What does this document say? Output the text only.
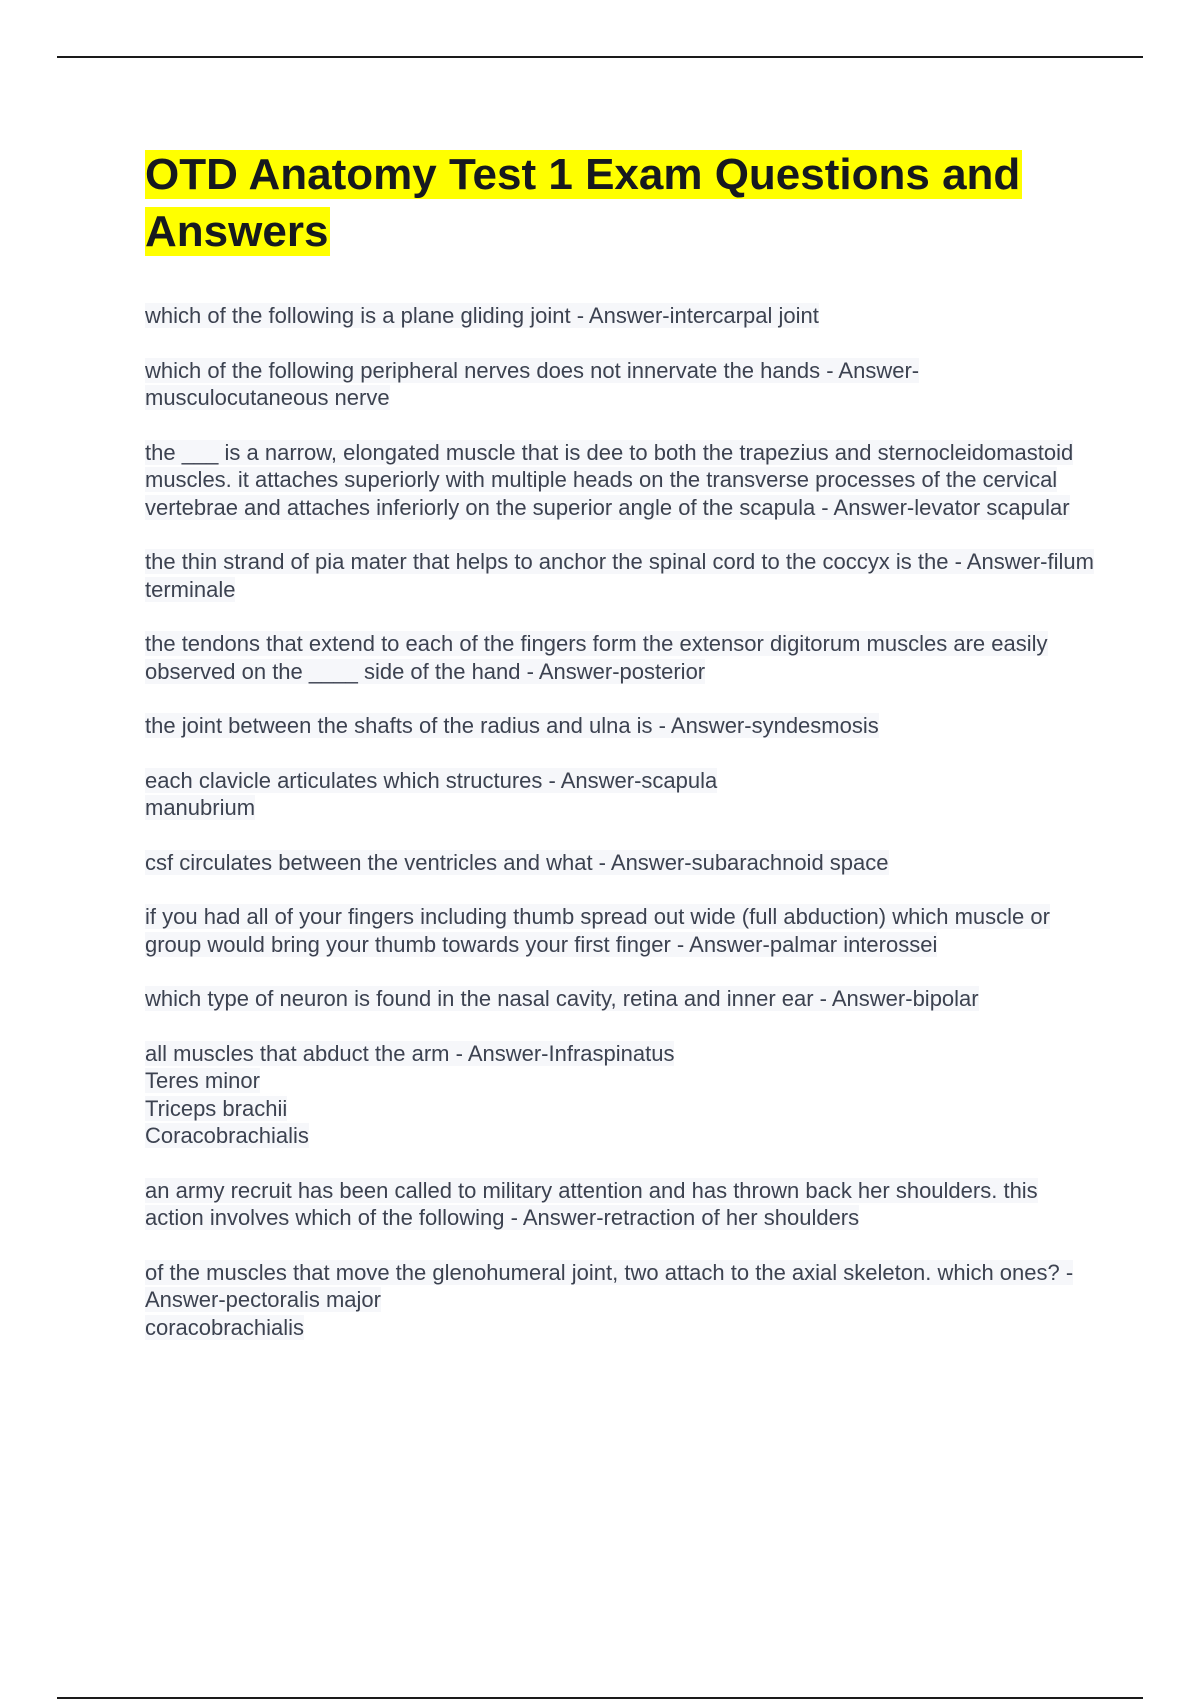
OTD Anatomy Test 1 Exam Questions and Answers

which of the following is a plane gliding joint - Answer-intercarpal joint

which of the following peripheral nerves does not innervate the hands - Answer-musculocutaneous nerve

the ___ is a narrow, elongated muscle that is dee to both the trapezius and sternocleidomastoid muscles. it attaches superiorly with multiple heads on the transverse processes of the cervical vertebrae and attaches inferiorly on the superior angle of the scapula - Answer-levator scapular

the thin strand of pia mater that helps to anchor the spinal cord to the coccyx is the - Answer-filum terminale

the tendons that extend to each of the fingers form the extensor digitorum muscles are easily observed on the ____ side of the hand - Answer-posterior

the joint between the shafts of the radius and ulna is - Answer-syndesmosis

each clavicle articulates which structures - Answer-scapula
manubrium

csf circulates between the ventricles and what - Answer-subarachnoid space

if you had all of your fingers including thumb spread out wide (full abduction) which muscle or group would bring your thumb towards your first finger - Answer-palmar interossei

which type of neuron is found in the nasal cavity, retina and inner ear - Answer-bipolar

all muscles that abduct the arm - Answer-Infraspinatus
Teres minor
Triceps brachii
Coracobrachialis

an army recruit has been called to military attention and has thrown back her shoulders. this action involves which of the following - Answer-retraction of her shoulders

of the muscles that move the glenohumeral joint, two attach to the axial skeleton. which ones? - Answer-pectoralis major
coracobrachialis
